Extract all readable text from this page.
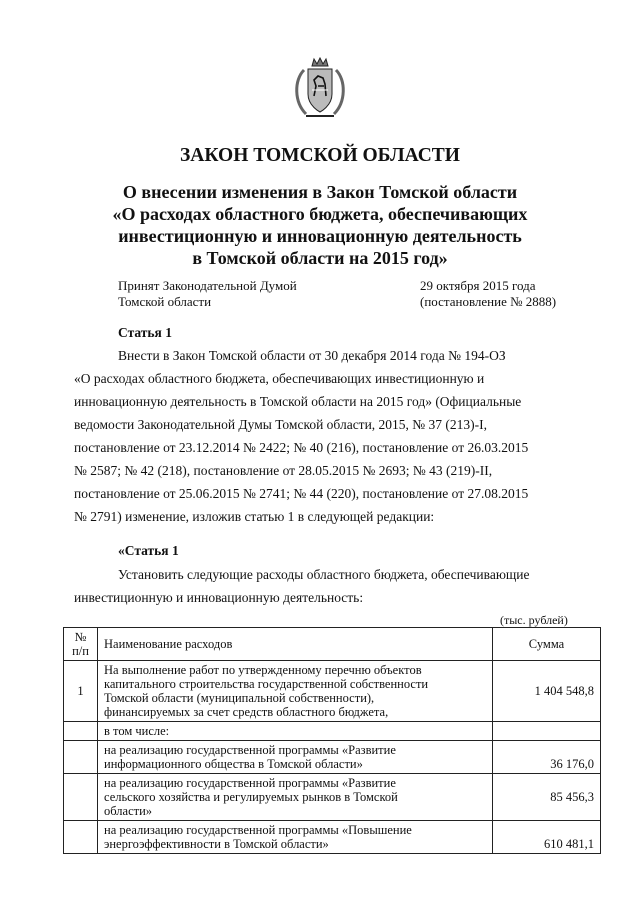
ЗАКОН ТОМСКОЙ ОБЛАСТИ
О внесении изменения в Закон Томской области
«О расходах областного бюджета, обеспечивающих
инвестиционную и инновационную деятельность
в Томской области на 2015 год»
Принят Законодательной Думой
Томской области
29 октября 2015 года
(постановление № 2888)
Статья 1
Внести в Закон Томской области от 30 декабря 2014 года № 194-ОЗ
«О расходах областного бюджета, обеспечивающих инвестиционную и
инновационную деятельность в Томской области на 2015 год» (Официальные
ведомости Законодательной Думы Томской области, 2015, № 37 (213)-I,
постановление от 23.12.2014 № 2422; № 40 (216), постановление от 26.03.2015
№ 2587; № 42 (218), постановление от 28.05.2015 № 2693; № 43 (219)-II,
постановление от 25.06.2015 № 2741; № 44 (220), постановление от 27.08.2015
№ 2791) изменение, изложив статью 1 в следующей редакции:
«Статья 1
Установить следующие расходы областного бюджета, обеспечивающие
инвестиционную и инновационную деятельность:
(тыс. рублей)
№
п/п	Наименование расходов	Сумма
1	На выполнение работ по утвержденному перечню объектов
капитального строительства государственной собственности
Томской области (муниципальной собственности),
финансируемых за счет средств областного бюджета,	1 404 548,8

	в том числе:	

	на реализацию государственной программы «Развитие
информационного общества в Томской области»	36 176,0

	на реализацию государственной программы «Развитие
сельского хозяйства и регулируемых рынков в Томской
области»	85 456,3

	на реализацию государственной программы «Повышение
энергоэффективности в Томской области»	610 481,1
